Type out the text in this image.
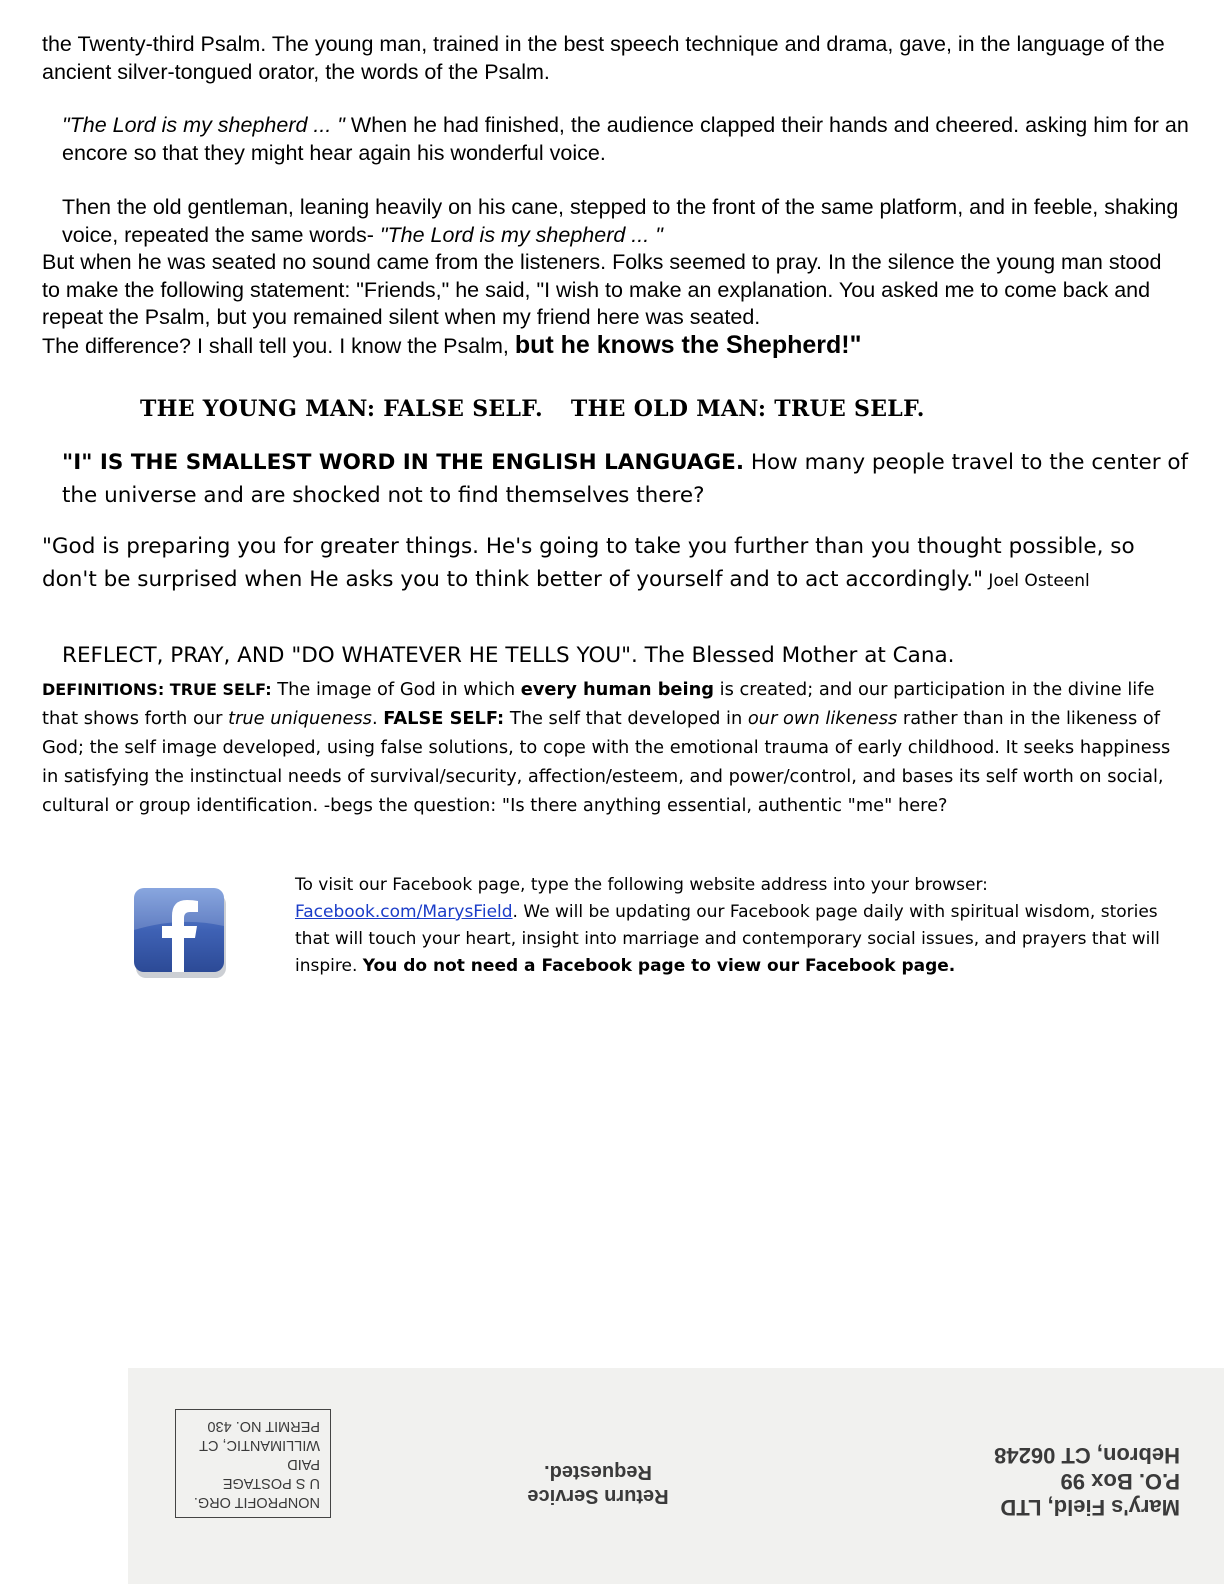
the Twenty-third Psalm. The young man, trained in the best speech technique and drama, gave, in the language of the ancient silver-tongued orator, the words of the Psalm.

"The Lord is my shepherd ... " When he had finished, the audience clapped their hands and cheered. asking him for an encore so that they might hear again his wonderful voice.

Then the old gentleman, leaning heavily on his cane, stepped to the front of the same platform, and in feeble, shaking voice, repeated the same words- "The Lord is my shepherd ... "
But when he was seated no sound came from the listeners. Folks seemed to pray. In the silence the young man stood to make the following statement: "Friends," he said, "I wish to make an explanation. You asked me to come back and repeat the Psalm, but you remained silent when my friend here was seated.
The difference? I shall tell you. I know the Psalm, but he knows the Shepherd!"
THE YOUNG MAN: FALSE SELF. THE OLD MAN: TRUE SELF.

"I" IS THE SMALLEST WORD IN THE ENGLISH LANGUAGE. How many people travel to the center of the universe and are shocked not to find themselves there?

"God is preparing you for greater things. He's going to take you further than you thought possible, so don't be surprised when He asks you to think better of yourself and to act accordingly." Joel Osteenl

REFLECT, PRAY, AND "DO WHATEVER HE TELLS YOU". The Blessed Mother at Cana.

DEFINITIONS: TRUE SELF: The image of God in which every human being is created; and our participation in the divine life that shows forth our true uniqueness. FALSE SELF: The self that developed in our own likeness rather than in the likeness of God; the self image developed, using false solutions, to cope with the emotional trauma of early childhood. It seeks happiness in satisfying the instinctual needs of survival/security, affection/esteem, and power/control, and bases its self worth on social, cultural or group identification. -begs the question: "Is there anything essential, authentic "me" here?

To visit our Facebook page, type the following website address into your browser: Facebook.com/MarysField. We will be updating our Facebook page daily with spiritual wisdom, stories that will touch your heart, insight into marriage and contemporary social issues, and prayers that will inspire. You do not need a Facebook page to view our Facebook page.

NONPROFIT ORG.
U S POSTAGE PAID
WILLIMANTIC, CT
PERMIT NO. 430
Return Service
Requested.
Mary's Field, LTD
P.O. Box 99
Hebron, CT 06248
